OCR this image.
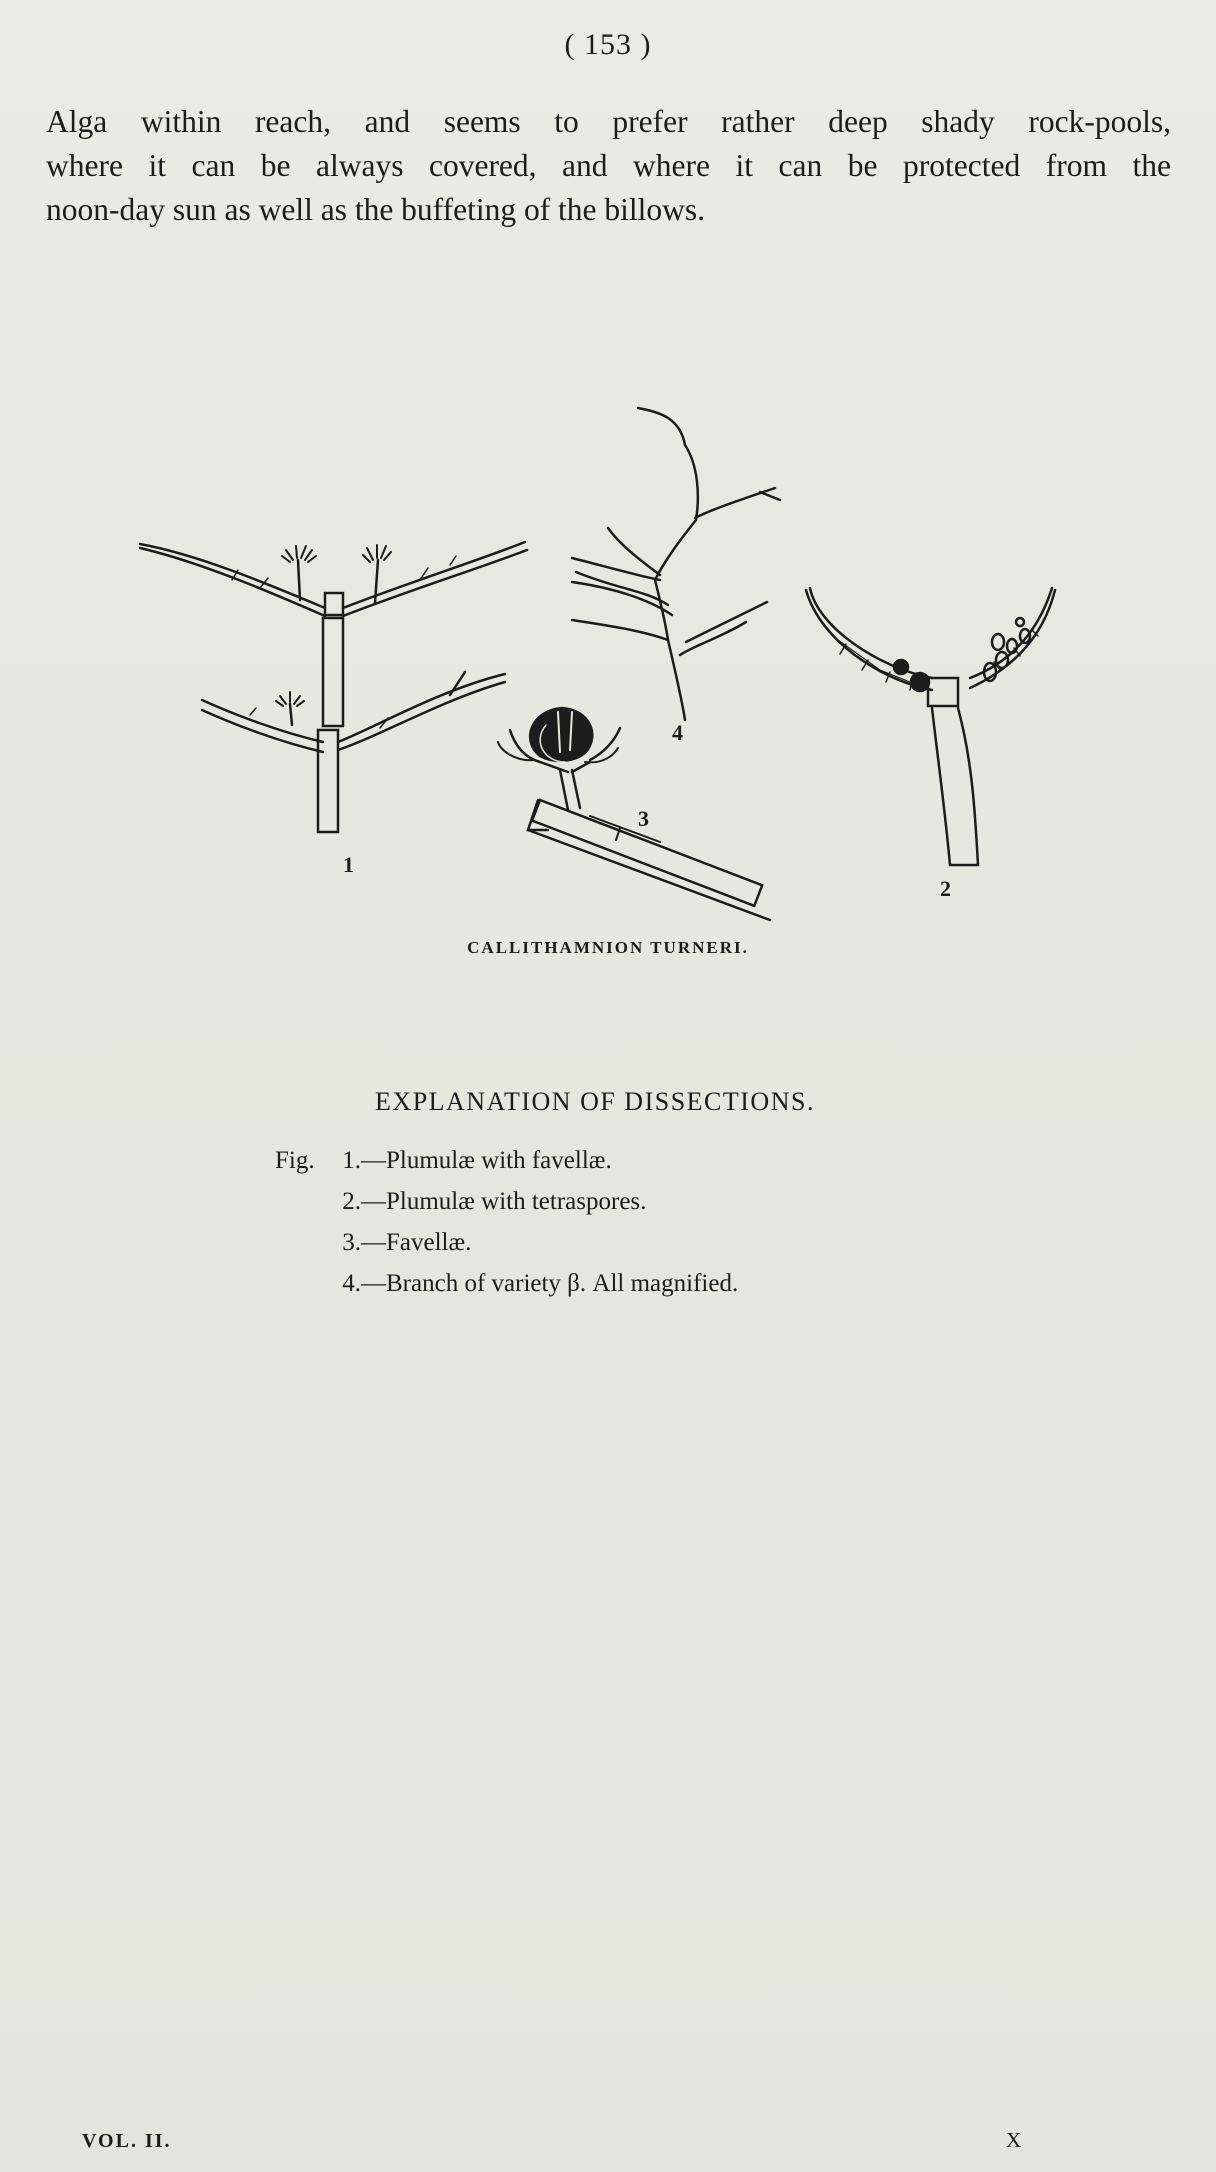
( 153 )
Alga within reach, and seems to prefer rather deep shady rock-pools,
where it can be always covered, and where it can be protected from the
noon-day sun as well as the buffeting of the billows.
1
4
3
2
CALLITHAMNION TURNERI.
EXPLANATION OF DISSECTIONS.
Fig.	1. —Plumulæ with favellæ.
2. —Plumulæ with tetraspores.
3. —Favellæ.
4. —Branch of variety β. All magnified.
VOL. II.	X
